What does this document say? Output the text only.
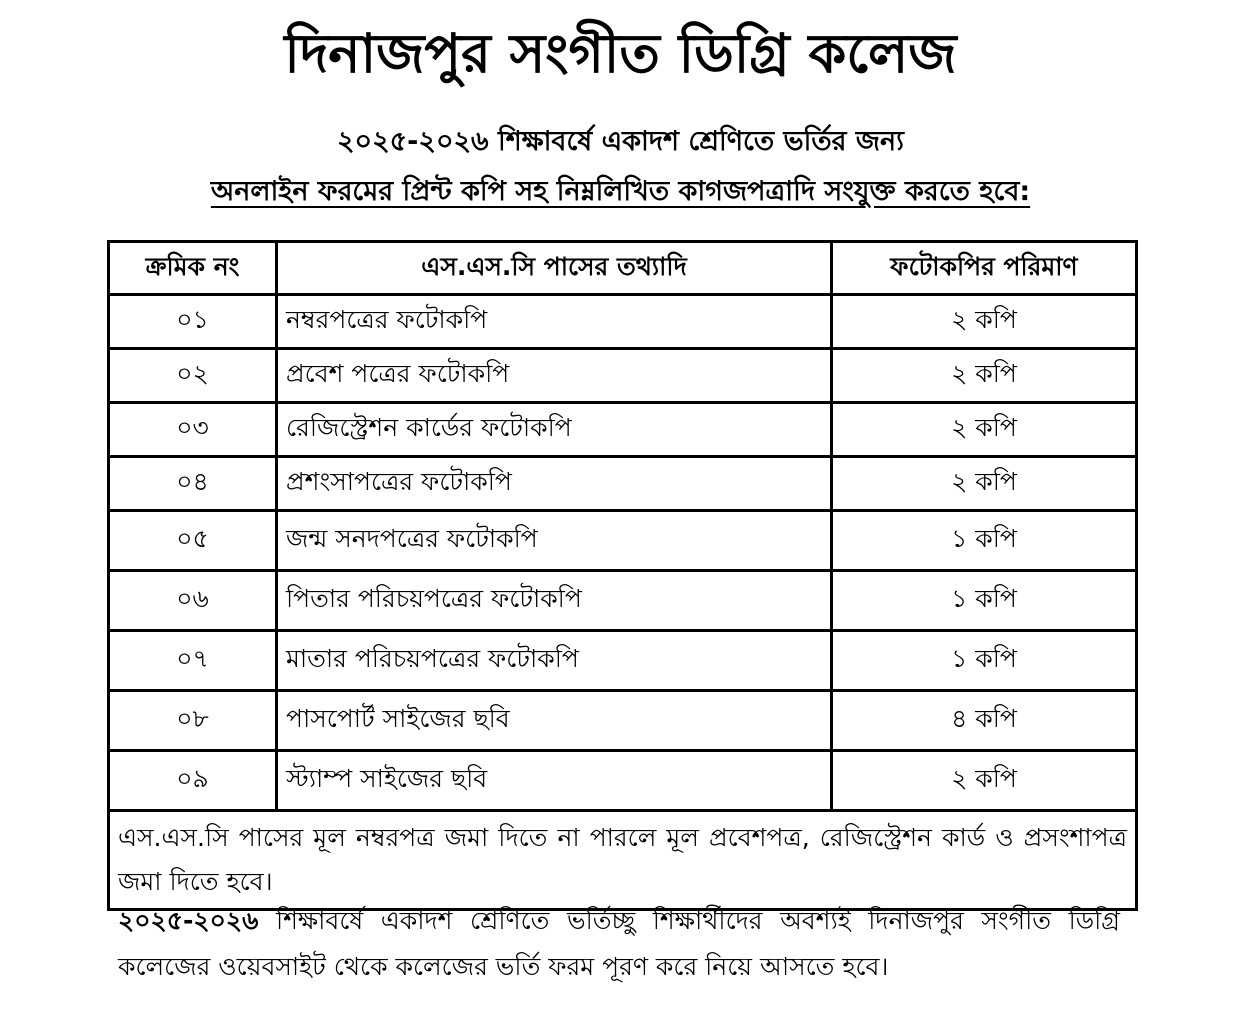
দিনাজপুর সংগীত ডিগ্রি কলেজ
২০২৫-২০২৬ শিক্ষাবর্ষে একাদশ শ্রেণিতে ভর্তির জন্য
অনলাইন ফরমের প্রিন্ট কপি সহ নিম্নলিখিত কাগজপত্রাদি সংযুক্ত করতে হবে:
ক্রমিক নং	এস.এস.সি পাসের তথ্যাদি	ফটোকপির পরিমাণ
০১	নম্বরপত্রের ফটোকপি	২ কপি
০২	প্রবেশ পত্রের ফটোকপি	২ কপি
০৩	রেজিস্ট্রেশন কার্ডের ফটোকপি	২ কপি
০৪	প্রশংসাপত্রের ফটোকপি	২ কপি
০৫	জন্ম সনদপত্রের ফটোকপি	১ কপি
০৬	পিতার পরিচয়পত্রের ফটোকপি	১ কপি
০৭	মাতার পরিচয়পত্রের ফটোকপি	১ কপি
০৮	পাসপোর্ট সাইজের ছবি	৪ কপি
০৯	স্ট্যাম্প সাইজের ছবি	২ কপি
এস.এস.সি পাসের মূল নম্বরপত্র জমা দিতে না পারলে মূল প্রবেশপত্র, রেজিস্ট্রেশন কার্ড ও প্রসংশাপত্র জমা দিতে হবে।		
২০২৫-২০২৬ শিক্ষাবর্ষে একাদশ শ্রেণিতে ভর্তিচ্ছু শিক্ষার্থীদের অবশ্যই দিনাজপুর সংগীত ডিগ্রি কলেজের ওয়েবসাইট থেকে কলেজের ভর্তি ফরম পূরণ করে নিয়ে আসতে হবে।
